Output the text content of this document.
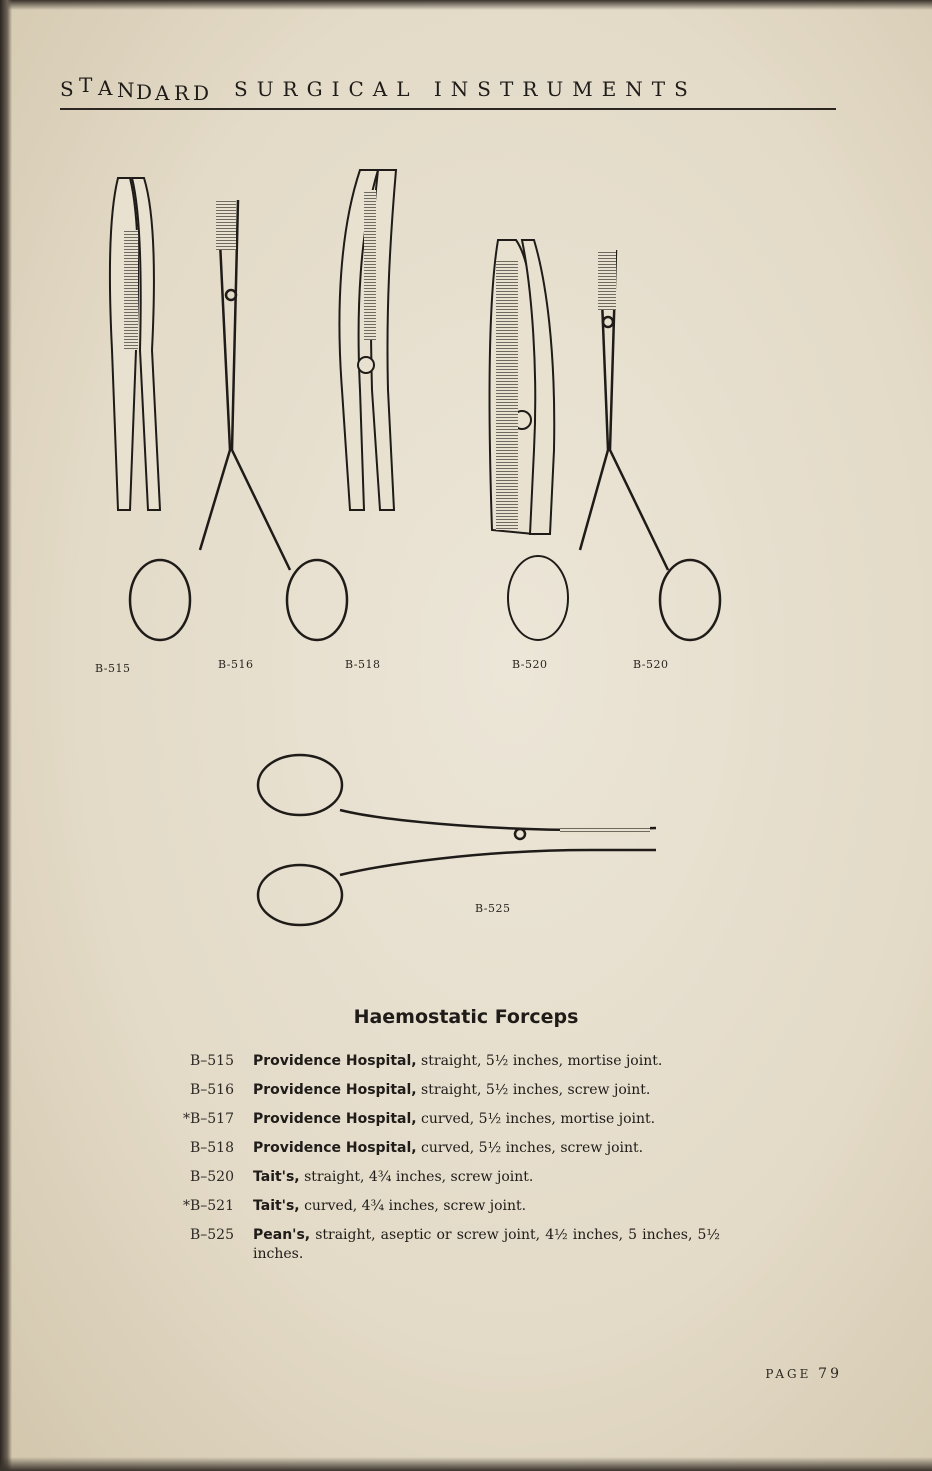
STANDARD SURGICAL INSTRUMENTS
B-515	B-516	B-518	B-520	B-520
B-525
Haemostatic Forceps
B–515 Providence Hospital, straight, 5½ inches, mortise joint.
B–516 Providence Hospital, straight, 5½ inches, screw joint.
*B–517 Providence Hospital, curved, 5½ inches, mortise joint.
B–518 Providence Hospital, curved, 5½ inches, screw joint.
B–520 Tait's, straight, 4¾ inches, screw joint.
*B–521 Tait's, curved, 4¾ inches, screw joint.
B–525 Pean's, straight, aseptic or screw joint, 4½ inches, 5 inches, 5½ inches.
PAGE 79
